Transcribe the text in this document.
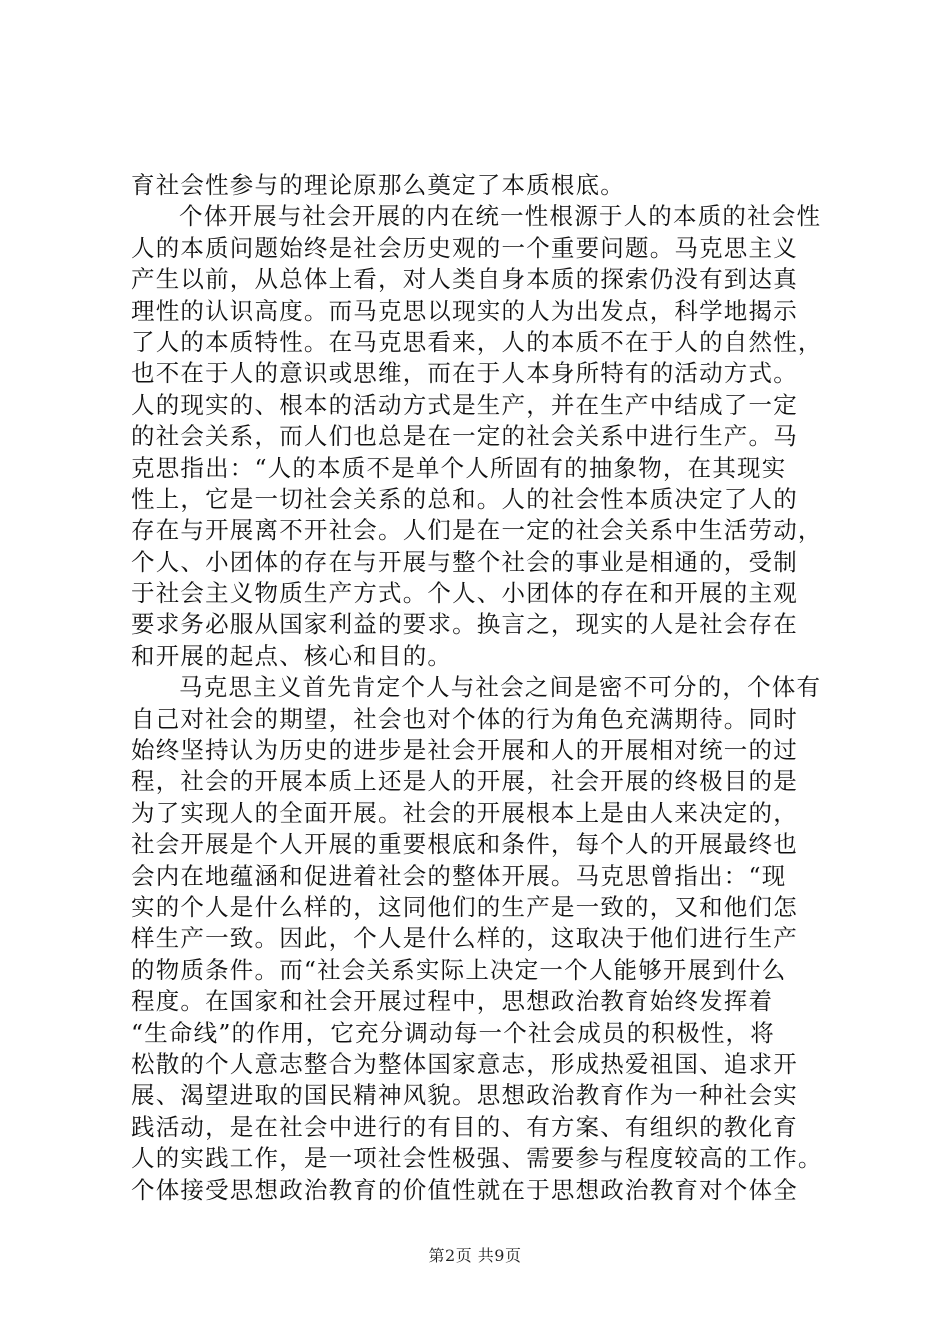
育社会性参与的理论原那么奠定了本质根底。
个体开展与社会开展的内在统一性根源于人的本质的社会性
人的本质问题始终是社会历史观的一个重要问题。马克思主义
产生以前，从总体上看，对人类自身本质的探索仍没有到达真
理性的认识高度。而马克思以现实的人为出发点，科学地揭示
了人的本质特性。在马克思看来，人的本质不在于人的自然性，
也不在于人的意识或思维，而在于人本身所特有的活动方式。
人的现实的、根本的活动方式是生产，并在生产中结成了一定
的社会关系，而人们也总是在一定的社会关系中进行生产。马
克思指出：“人的本质不是单个人所固有的抽象物，在其现实
性上，它是一切社会关系的总和。人的社会性本质决定了人的
存在与开展离不开社会。人们是在一定的社会关系中生活劳动，
个人、小团体的存在与开展与整个社会的事业是相通的，受制
于社会主义物质生产方式。个人、小团体的存在和开展的主观
要求务必服从国家利益的要求。换言之，现实的人是社会存在
和开展的起点、核心和目的。
马克思主义首先肯定个人与社会之间是密不可分的，个体有
自己对社会的期望，社会也对个体的行为角色充满期待。同时
始终坚持认为历史的进步是社会开展和人的开展相对统一的过
程，社会的开展本质上还是人的开展，社会开展的终极目的是
为了实现人的全面开展。社会的开展根本上是由人来决定的，
社会开展是个人开展的重要根底和条件，每个人的开展最终也
会内在地蕴涵和促进着社会的整体开展。马克思曾指出：“现
实的个人是什么样的，这同他们的生产是一致的，又和他们怎
样生产一致。因此，个人是什么样的，这取决于他们进行生产
的物质条件。而“社会关系实际上决定一个人能够开展到什么
程度。在国家和社会开展过程中，思想政治教育始终发挥着
“生命线”的作用，它充分调动每一个社会成员的积极性，将
松散的个人意志整合为整体国家意志，形成热爱祖国、追求开
展、渴望进取的国民精神风貌。思想政治教育作为一种社会实
践活动，是在社会中进行的有目的、有方案、有组织的教化育
人的实践工作，是一项社会性极强、需要参与程度较高的工作。
个体接受思想政治教育的价值性就在于思想政治教育对个体全
第2页 共9页
